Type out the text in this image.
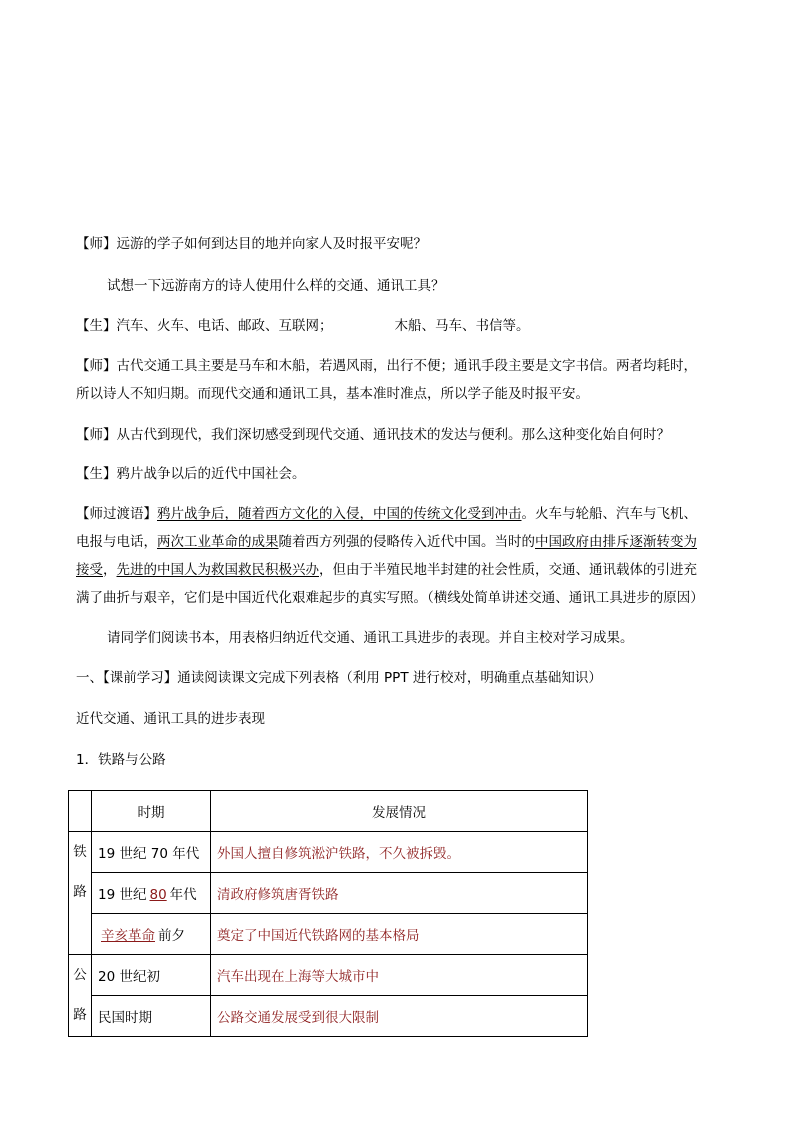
【师】远游的学子如何到达目的地并向家人及时报平安呢？
试想一下远游南方的诗人使用什么样的交通、通讯工具？
【生】汽车、火车、电话、邮政、互联网；	木船、马车、书信等。
【师】古代交通工具主要是马车和木船，若遇风雨，出行不便；通讯手段主要是文字书信。两者均耗时，
所以诗人不知归期。而现代交通和通讯工具，基本准时准点，所以学子能及时报平安。
【师】从古代到现代，我们深切感受到现代交通、通讯技术的发达与便利。那么这种变化始自何时？
【生】鸦片战争以后的近代中国社会。
【师过渡语】鸦片战争后，随着西方文化的入侵，中国的传统文化受到冲击。火车与轮船、汽车与飞机、
电报与电话，两次工业革命的成果随着西方列强的侵略传入近代中国。当时的中国政府由排斥逐渐转变为
接受，先进的中国人为救国救民积极兴办，但由于半殖民地半封建的社会性质，交通、通讯载体的引进充
满了曲折与艰辛，它们是中国近代化艰难起步的真实写照。（横线处简单讲述交通、通讯工具进步的原因）
请同学们阅读书本，用表格归纳近代交通、通讯工具进步的表现。并自主校对学习成果。
一、【课前学习】通读阅读课文完成下列表格（利用 PPT 进行校对，明确重点基础知识）
近代交通、通讯工具的进步表现
1．铁路与公路
	时期	发展情况

铁
路	19 世纪 70 年代	外国人擅自修筑淞沪铁路，不久被拆毁。
	19 世纪 80 年代	清政府修筑唐胥铁路
	辛亥革命 前夕	奠定了中国近代铁路网的基本格局

公
路	20 世纪初	汽车出现在上海等大城市中
	民国时期	公路交通发展受到很大限制
